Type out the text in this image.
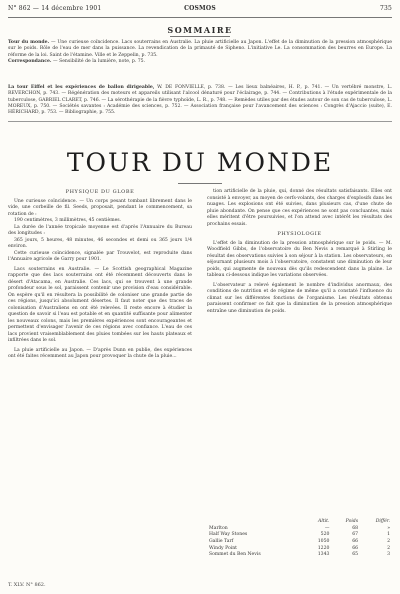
N° 862 — 14 décembre 1901	COSMOS	735
SOMMAIRE
Tour du monde. — Une curieuse coïncidence. Lacs souterrains en Australie. La pluie artificielle au Japon. L'effet de la diminution de la pression atmosphérique sur le poids. Rôle de l'eau de mer dans la puissance. La revendication de la primauté de Sipheno. L'initiative Le. La consommation des beurres en Europe. La réforme de la loi. Saint de l'étamine. Ville et le Zeppelin, p. 735.
Correspondance. — Sensibilité de la lumière, note, p. 75.
La tour Eiffel et les expériences de ballon dirigeable, W. DE FONVIELLE, p. 738. — Les lieux balnéaires, H. P., p. 741. — Un vertébré monstre, L. REVERCHON, p. 743. — Régénération des moteurs et appareils utilisant l'alcool dénaturé pour l'éclairage, p. 744. — Contributions à l'étude expérimentale de la tuberculose, GABRIEL CLARET, p. 746. — La sérothérapie de la fièvre typhoïde, L. R., p. 748. — Remèdes utiles par des études autour de son cas de tuberculose, L. MOREUX, p. 750. — Sociétés savantes : Académie des sciences, p. 752. — Association française pour l'avancement des sciences : Congrès d'Ajaccio (suite), E. HÉRICHARD, p. 753. — Bibliographie, p. 755.
TOUR DU MONDE

PHYSIQUE DU GLOBE

Une curieuse coïncidence. — Un corps pesant tombant librement dans le vide, une corbeille de fil. Seeds, proposait, pendant le commencement, sa rotation de :

190 centimètres, 3 millimètres, 45 centièmes.

La durée de l'année tropicale moyenne est d'après l'Annuaire du Bureau des longitudes :

365 jours, 5 heures, 48 minutes, 46 secondes et demi ou 365 jours 1/4 environ.

Cette curieuse coïncidence, signalée par Trouvelot, est reproduite dans l'Annuaire agricole de Garry pour 1901.

Lacs souterrains en Australie. — Le Scottish geographical Magazine rapporte que des lacs souterrains ont été récemment découverts dans le désert d'Atacama, en Australie. Ces lacs, qui se trouvent à une grande profondeur sous le sol, paraissent contenir une provision d'eau considérable. On espère qu'il en résultera la possibilité de coloniser une grande partie de ces régions, jusqu'ici absolument désertes. Il faut noter que des traces de colonisation d'Australiens en ont été relevées. Il reste encore à étudier la question de savoir si l'eau est potable et en quantité suffisante pour alimenter les nouveaux colons, mais les premières expériences sont encourageantes et permettent d'envisager l'avenir de ces régions avec confiance. L'eau de ces lacs provient vraisemblablement des pluies tombées sur les hauts plateaux et infiltrées dans le sol.

La pluie artificielle au Japon. — D'après Dunn en publie, des expériences ont été faites récemment au Japon pour provoquer la chute de la pluie...

tion artificielle de la pluie, qui, donné des résultats satisfaisants. Elles ont consisté à envoyer, au moyen de cerfs-volants, des charges d'explosifs dans les nuages. Les explosions ont été suivies, dans plusieurs cas, d'une chute de pluie abondante. On pense que ces expériences ne sont pas concluantes, mais elles méritent d'être poursuivies, et l'on attend avec intérêt les résultats des prochains essais.

PHYSIOLOGIE

L'effet de la diminution de la pression atmosphérique sur le poids. — M. Woodfield Gibbs, de l'observatoire du Ben Nevis a remarqué à Stirling le résultat des observations suivies à son séjour à la station. Les observateurs, en séjournant plusieurs mois à l'observatoire, constatent une diminution de leur poids, qui augmente de nouveau dès qu'ils redescendent dans la plaine. Le tableau ci-dessous indique les variations observées.

L'observateur a relevé également le nombre d'individus anormaux, des conditions de nutrition et de régime de même qu'il a constaté l'influence du climat sur les différentes fonctions de l'organisme. Les résultats obtenus paraissent confirmer ce fait que la diminution de la pression atmosphérique entraîne une diminution de poids.

	Altit.	Poids	Différ.
Marlton	—	68	»
Half Way Stones	520	67	1
Gallie Tarf	1050	66	2
Windy Point	1220	66	2
Sommet du Ben Nevis	1343	65	3
T. XLV. N° 862.
